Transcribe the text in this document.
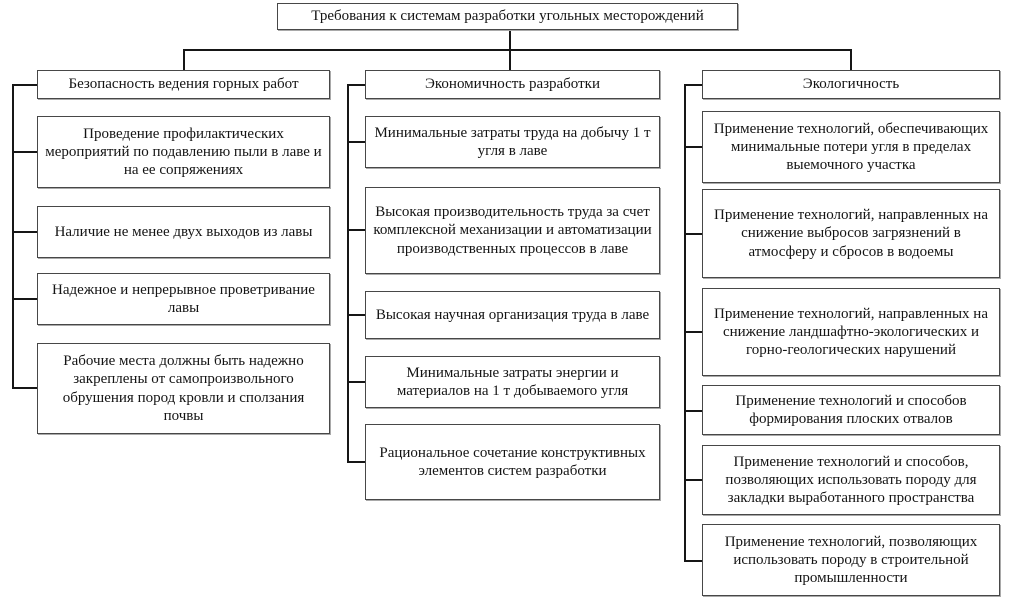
Требования к системам разработки угольных месторождений
Безопасность ведения горных работ
Проведение профилактических мероприятий по подавлению пыли в лаве и на ее сопряжениях
Наличие не менее двух выходов из лавы
Надежное и непрерывное проветривание лавы
Рабочие места должны быть надежно закреплены от самопроизвольного обрушения пород кровли и сползания почвы
Экономичность разработки
Минимальные затраты труда на добычу 1 т угля в лаве
Высокая производительность труда за счет комплексной механизации и автоматизации производственных процессов в лаве
Высокая научная организация труда в лаве
Минимальные затраты энергии и материалов на 1 т добываемого угля
Рациональное сочетание конструктивных элементов систем разработки
Экологичность
Применение технологий, обеспечивающих минимальные потери угля в пределах выемочного участка
Применение технологий, направленных на снижение выбросов загрязнений в атмосферу и сбросов в водоемы
Применение технологий, направленных на снижение ландшафтно-экологических и горно-геологических нарушений
Применение технологий и способов формирования плоских отвалов
Применение технологий и способов, позволяющих использовать породу для закладки выработанного пространства
Применение технологий, позволяющих использовать породу в строительной промышленности
